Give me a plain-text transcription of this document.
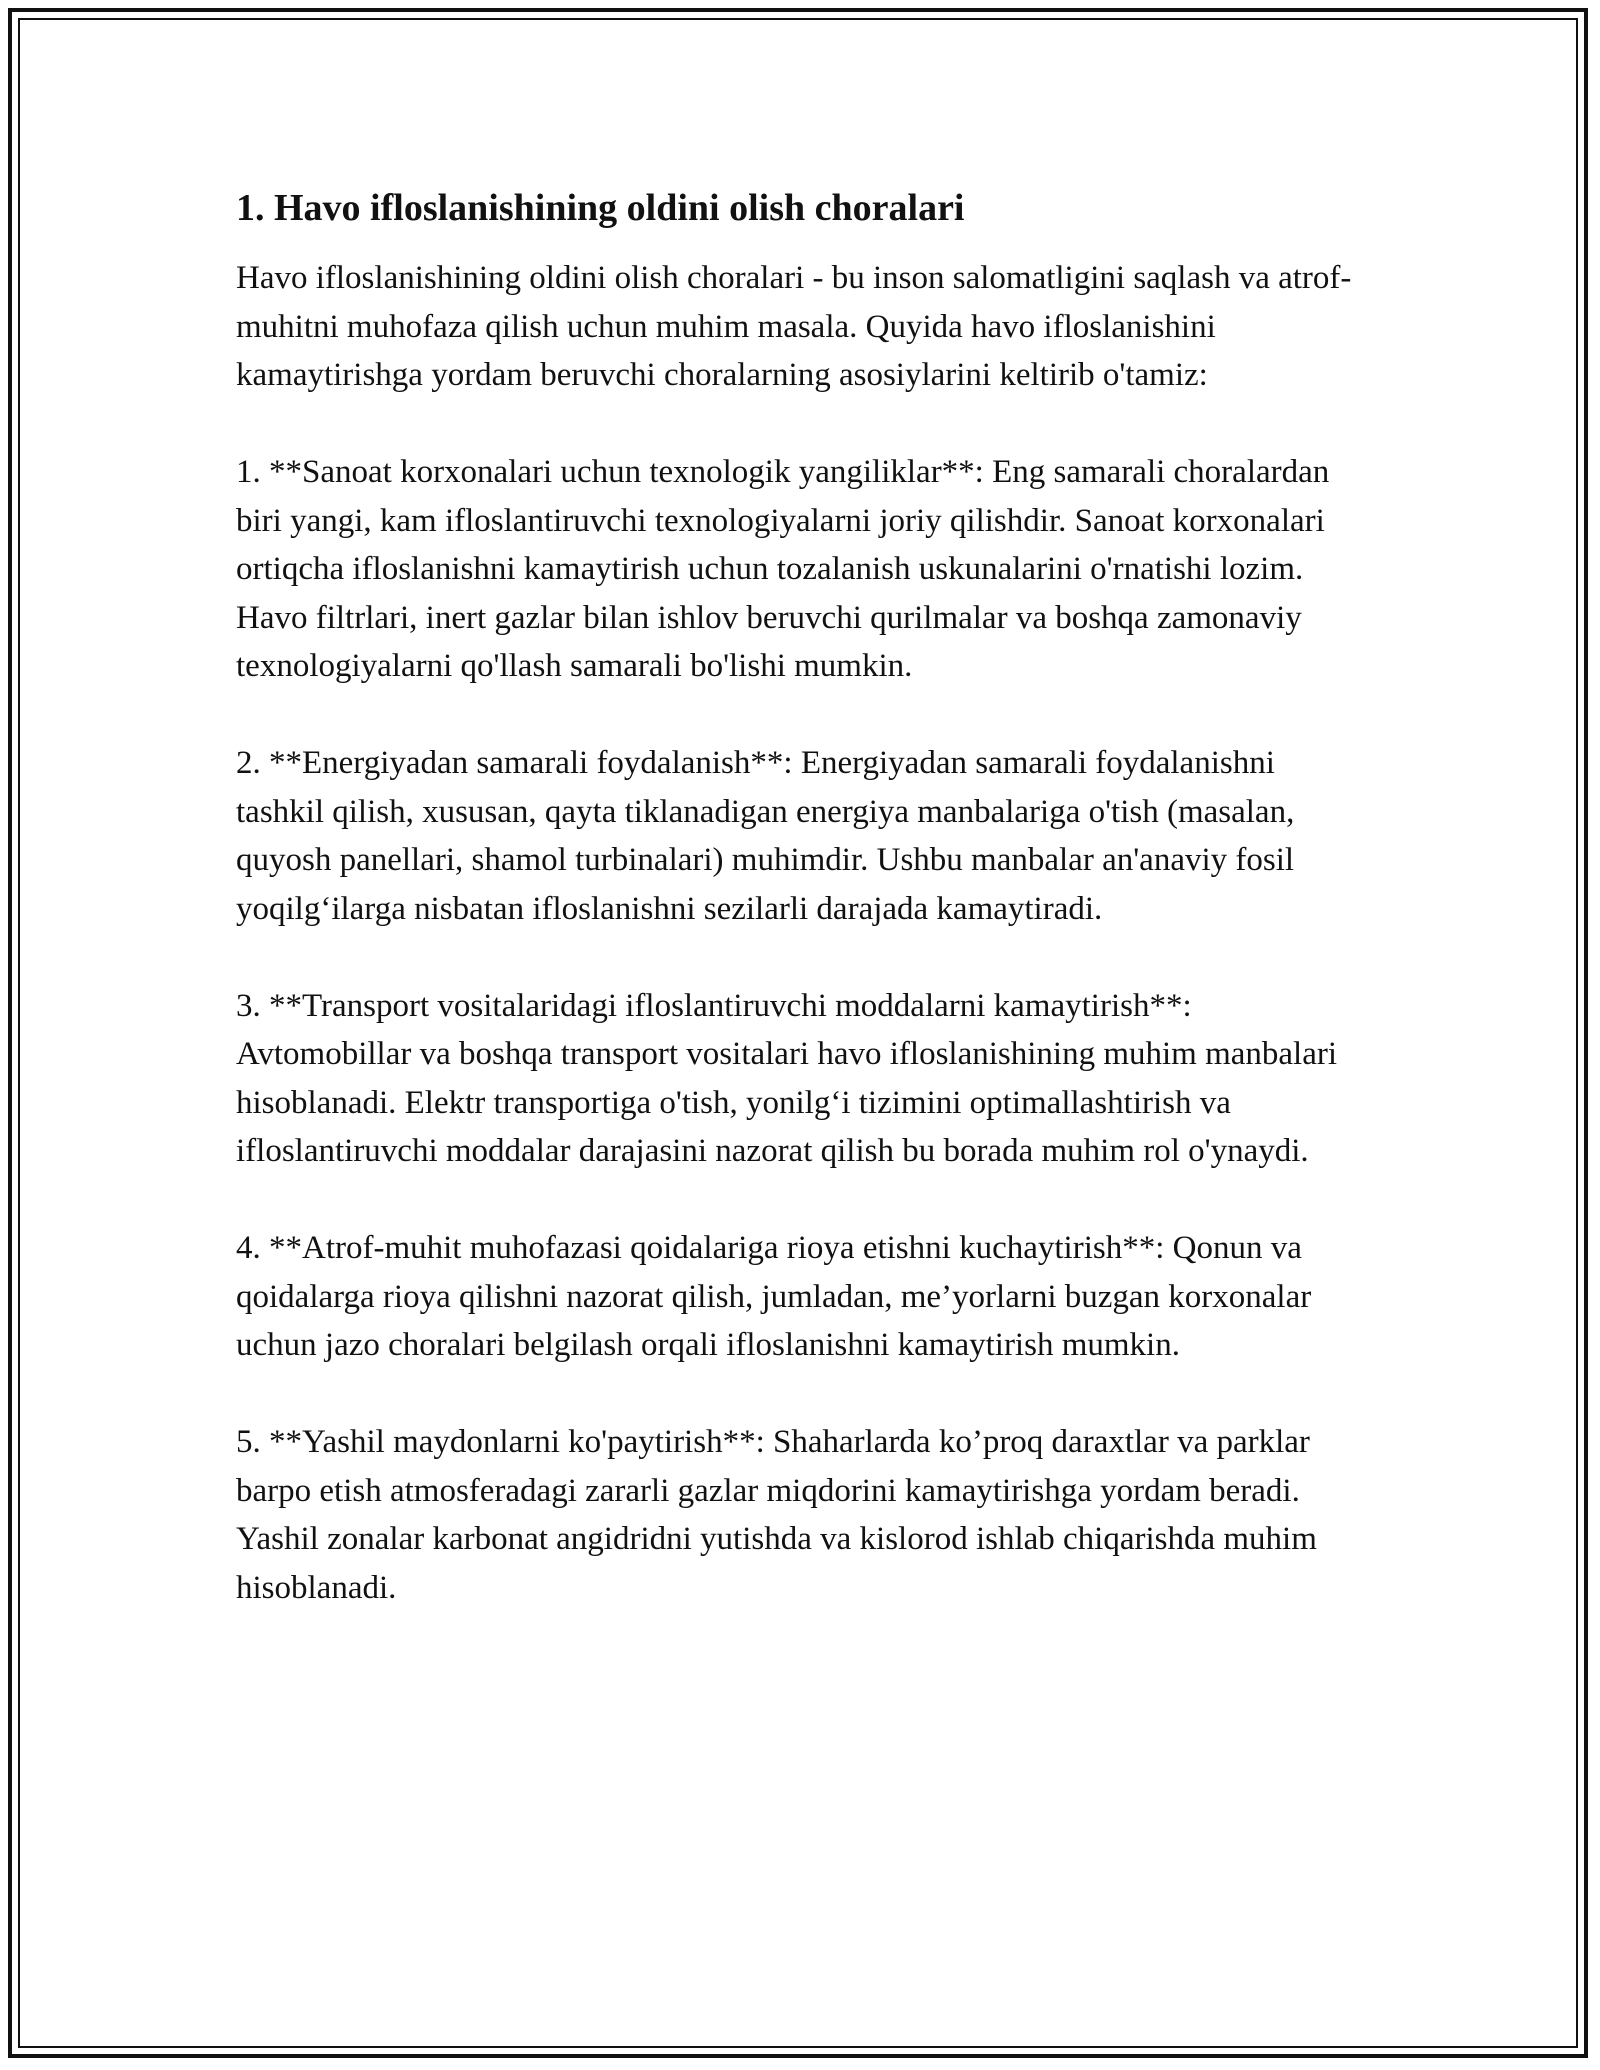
1. Havo ifloslanishining oldini olish choralari

Havo ifloslanishining oldini olish choralari - bu inson salomatligini saqlash va atrof-muhitni muhofaza qilish uchun muhim masala. Quyida havo ifloslanishini kamaytirishga yordam beruvchi choralarning asosiylarini keltirib o'tamiz:

1. **Sanoat korxonalari uchun texnologik yangiliklar**: Eng samarali choralardan biri yangi, kam ifloslantiruvchi texnologiyalarni joriy qilishdir. Sanoat korxonalari ortiqcha ifloslanishni kamaytirish uchun tozalanish uskunalarini o'rnatishi lozim. Havo filtrlari, inert gazlar bilan ishlov beruvchi qurilmalar va boshqa zamonaviy texnologiyalarni qo'llash samarali bo'lishi mumkin.

2. **Energiyadan samarali foydalanish**: Energiyadan samarali foydalanishni tashkil qilish, xususan, qayta tiklanadigan energiya manbalariga o'tish (masalan, quyosh panellari, shamol turbinalari) muhimdir. Ushbu manbalar an'anaviy fosil yoqilg‘ilarga nisbatan ifloslanishni sezilarli darajada kamaytiradi.

3. **Transport vositalaridagi ifloslantiruvchi moddalarni kamaytirish**: Avtomobillar va boshqa transport vositalari havo ifloslanishining muhim manbalari hisoblanadi. Elektr transportiga o'tish, yonilg‘i tizimini optimallashtirish va ifloslantiruvchi moddalar darajasini nazorat qilish bu borada muhim rol o'ynaydi.

4. **Atrof-muhit muhofazasi qoidalariga rioya etishni kuchaytirish**: Qonun va qoidalarga rioya qilishni nazorat qilish, jumladan, me’yorlarni buzgan korxonalar uchun jazo choralari belgilash orqali ifloslanishni kamaytirish mumkin.

5. **Yashil maydonlarni ko'paytirish**: Shaharlarda ko’proq daraxtlar va parklar barpo etish atmosferadagi zararli gazlar miqdorini kamaytirishga yordam beradi. Yashil zonalar karbonat angidridni yutishda va kislorod ishlab chiqarishda muhim hisoblanadi.
